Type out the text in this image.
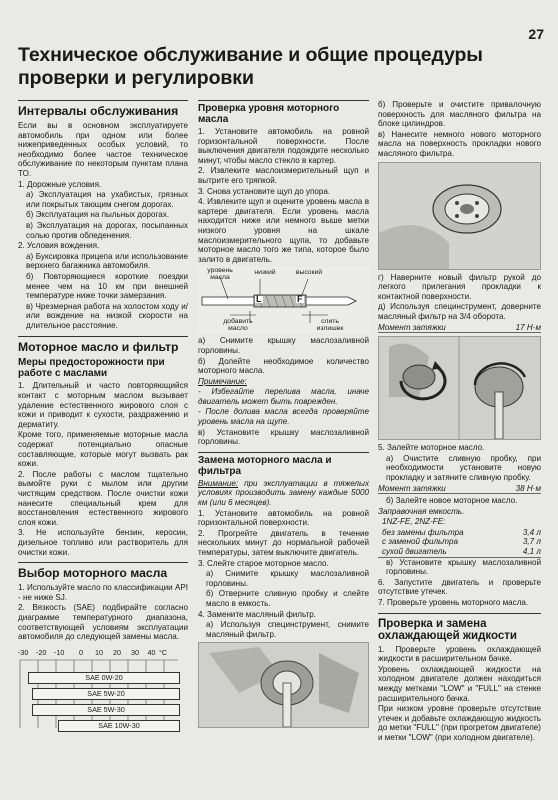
27
Техническое обслуживание и общие процедуры проверки и регулировки
Интервалы обслуживания

Если вы в основном эксплуатируете автомобиль при одном или более нижеприведенных особых условий, то необходимо более частое техническое обслуживание по некоторым пунктам плана ТО.

1. Дорожные условия.

а) Эксплуатация на ухабистых, грязных или покрытых тающим снегом дорогах.

б) Эксплуатация на пыльных дорогах.

в) Эксплуатация на дорогах, посыпанных солью против обледенения.

2. Условия вождения.

а) Буксировка прицепа или использование верхнего багажника автомобиля.

б) Повторяющиеся короткие поездки менее чем на 10 км при внешней температуре ниже точки замерзания.

в) Чрезмерная работа на холостом ходу и/или вождение на низкой скорости на длительное расстояние.

Моторное масло и фильтр
Меры предосторожности при работе с маслами

1. Длительный и часто повторяющийся контакт с моторным маслом вызывает удаление естественного жирового слоя с кожи и приводит к сухости, раздражению и дерматиту.

Кроме того, применяемые моторные масла содержат потенциально опасные составляющие, которые могут вызвать рак кожи.

2. После работы с маслом тщательно вымойте руки с мылом или другим чистящим средством. После очистки кожи нанесите специальный крем для восстановления естественного жирового слоя кожи.

3. Не используйте бензин, керосин, дизельное топливо или растворитель для очистки кожи.

Выбор моторного масла

1. Используйте масло по классификации API - не ниже SJ.

2. Вязкость (SAE) подбирайте согласно диаграмме температурного диапазона, соответствующей условиям эксплуатации автомобиля до следующей замены масла.

-30	-20	-10	0	10	20	30	40 °C
SAE 0W-20
SAE 5W-20
SAE 5W-30
SAE 10W-30
Проверка уровня моторного масла

1. Установите автомобиль на ровной горизонтальной поверхности. После выключения двигателя подождите несколько минут, чтобы масло стекло в картер.

2. Извлеките маслоизмерительный щуп и вытрите его тряпкой.

3. Снова установите щуп до упора.

4. Извлеките щуп и оцените уровень масла в картере двигателя. Если уровень масла находится ниже или немного выше метки низкого уровня на шкале маслоизмерительного щупа, то добавьте моторное масло того же типа, которое было залито в двигатель.

уровень масла
низкий	высокий
L	F
добавить масло
слить излишек

а) Снимите крышку маслозаливной горловины.

б) Долейте необходимое количество моторного масла.

Примечание:

- Избегайте перелива масла, иначе двигатель может быть поврежден.

- После долива масла всегда проверяйте уровень масла на щупе.

в) Установите крышку маслозаливной горловины.

Замена моторного масла и фильтра

Внимание: при эксплуатации в тяжелых условиях производить замену каждые 5000 км (или 6 месяцев).

1. Установите автомобиль на ровной горизонтальной поверхности.

2. Прогрейте двигатель в течение нескольких минут до нормальной рабочей температуры, затем выключите двигатель.

3. Слейте старое моторное масло.

а) Снимите крышку маслозаливной горловины.

б) Отверните сливную пробку и слейте масло в емкость.

4. Замените масляный фильтр.

а) Используя специнструмент, снимите масляный фильтр.

б) Проверьте и очистите привалочную поверхность для масляного фильтра на блоке цилиндров.

в) Нанесите немного нового моторного масла на поверхность прокладки нового масляного фильтра.

г) Наверните новый фильтр рукой до легкого прилегания прокладки к контактной поверхности.

д) Используя специнструмент, доверните масляный фильтр на 3/4 оборота.

Момент затяжки	17 Н·м

5. Залейте моторное масло.

а) Очистите сливную пробку, при необходимости установите новую прокладку и затяните сливную пробку.

Момент затяжки	38 Н·м

б) Залейте новое моторное масло.

Заправочная емкость.

1NZ-FE, 2NZ-FE:

без замены фильтра	3,4 л
с заменой фильтра	3,7 л
сухой двигатель	4,1 л

в) Установите крышку маслозаливной горловины.

6. Запустите двигатель и проверьте отсутствие утечек.

7. Проверьте уровень моторного масла.

Проверка и замена охлаждающей жидкости

1. Проверьте уровень охлаждающей жидкости в расширительном бачке.

Уровень охлаждающей жидкости на холодном двигателе должен находиться между метками "LOW" и "FULL" на стенке расширительного бачка.

При низком уровне проверьте отсутствие утечек и добавьте охлаждающую жидкость до метки "FULL" (при прогретом двигателе) и метки "LOW" (при холодном двигателе).
